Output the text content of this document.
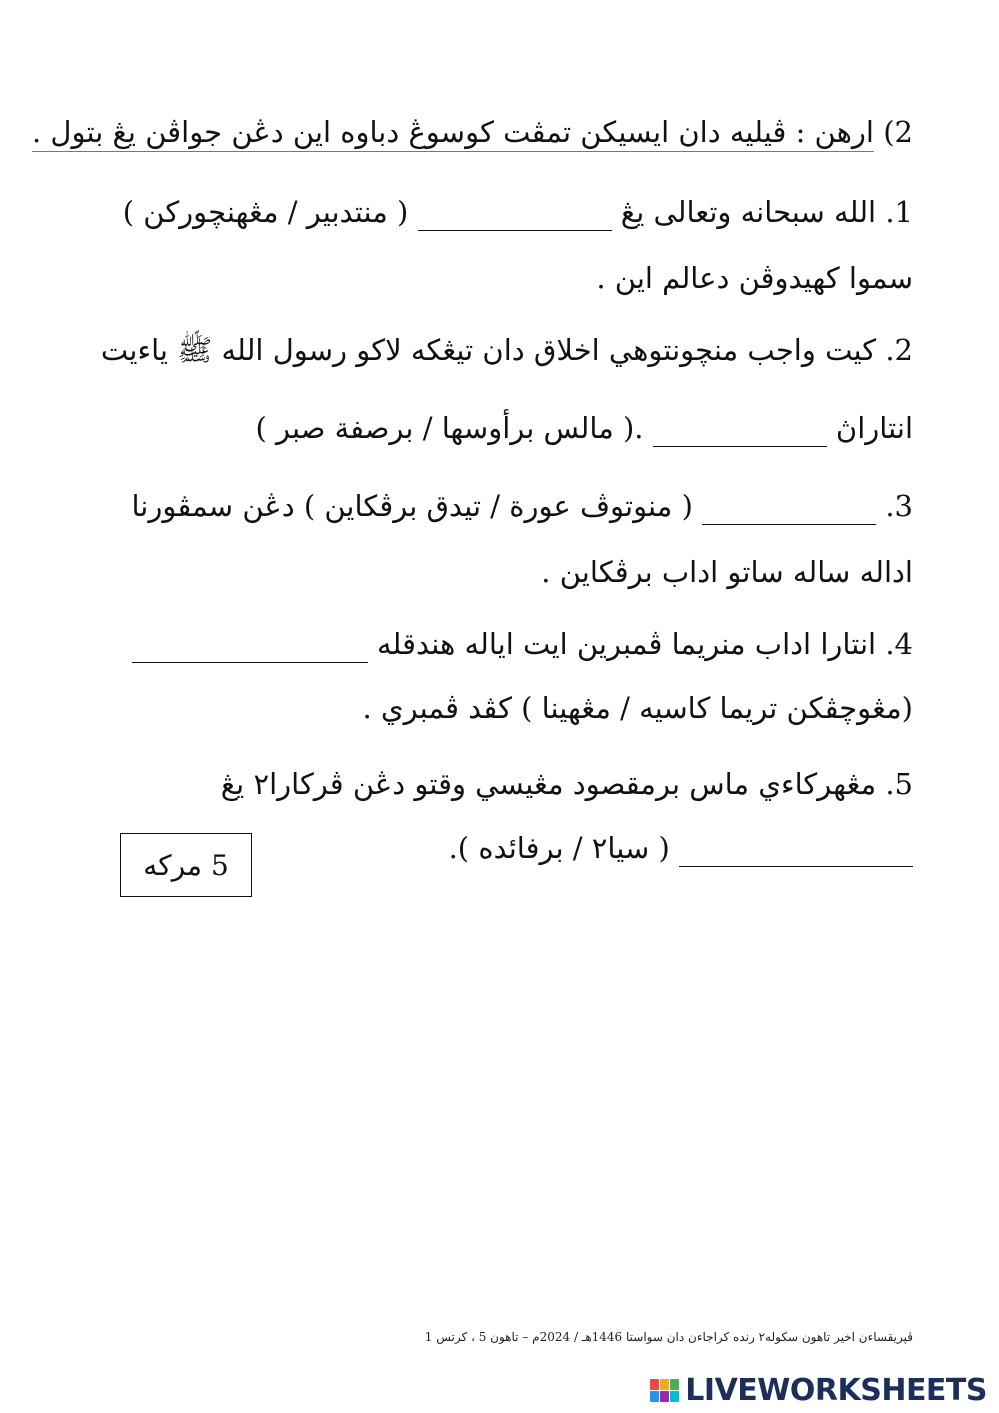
2) ارهن : ڤيليه دان ايسيكن تمڤت كوسوڠ دباوه اين دڠن جواڤن يڠ بتول .
1. الله سبحانه وتعالى يڠ  ( منتدبير / مڠهنچوركن )
سموا كهيدوڤن دعالم اين .
2. كيت واجب منچونتوهي اخلاق دان تيڠكه لاكو رسول الله ﷺ ياءيت
انتاراڽ  .( مالس برأوسها / برصفة صبر )
3.  ( منوتوڤ عورة / تيدق برڤكاين ) دڠن سمڤورنا
اداله ساله ساتو اداب برڤكاين .
4. انتارا اداب منريما ڤمبرين ايت اياله هندقله
(مڠوچڤكن تريما كاسيه / مڠهينا ) كڤد ڤمبري .
5. مڠهركاءي ماس برمقصود مڠيسي وقتو دڠن ڤركارا٢ يڠ
( سيا٢ / برفائده ).
5 مركه
ڤڽريقساءن اخير تاهون سکوله٢ رنده كراجاءن دان سواستا 1446هـ / 2024م – تاهون 5 ، كرتس 1
LIVEWORKSHEETS
